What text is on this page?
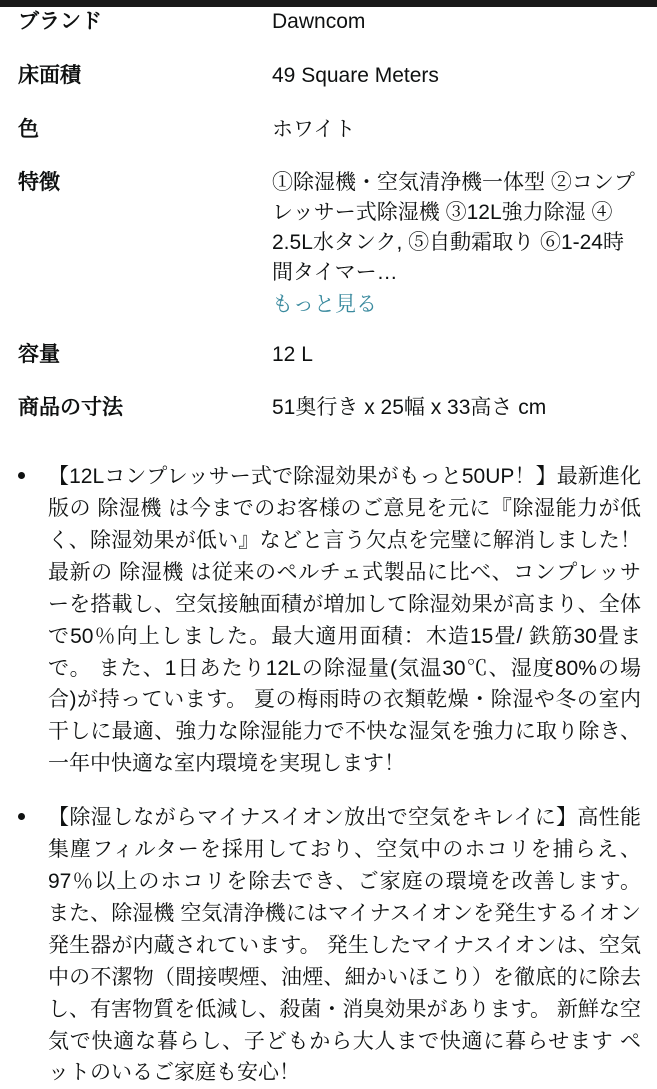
ブランド	Dawncom
床面積	49 Square Meters
色	ホワイト
特徴	①除湿機・空気清浄機一体型 ②コンプレッサー式除湿機 ③12L強力除湿 ④ 2.5L水タンク, ⑤自動霜取り ⑥1-24時間タイマー…
もっと見る

容量	12 L
商品の寸法	51奥行き x 25幅 x 33高さ cm
【12Lコンプレッサー式で除湿効果がもっと50UP！】最新進化版の 除湿機 は今までのお客様のご意見を元に『除湿能力が低く、除湿効果が低い』などと言う欠点を完璧に解消しました！ 最新の 除湿機 は従来のペルチェ式製品に比べ、コンプレッサーを搭載し、空気接触面積が増加して除湿効果が高まり、全体で50％向上しました。最大適用面積：木造15畳/ 鉄筋30畳まで。 また、1日あたり12Lの除湿量(気温30℃、湿度80%の場合)が持っています。 夏の梅雨時の衣類乾燥・除湿や冬の室内干しに最適、強力な除湿能力で不快な湿気を強力に取り除き、一年中快適な室内環境を実現します！
【除湿しながらマイナスイオン放出で空気をキレイに】高性能集塵フィルターを採用しており、空気中のホコリを捕らえ、97％以上のホコリを除去でき、ご家庭の環境を改善します。 また、除湿機 空気清浄機にはマイナスイオンを発生するイオン発生器が内蔵されています。 発生したマイナスイオンは、空気中の不潔物（間接喫煙、油煙、細かいほこり）を徹底的に除去し、有害物質を低減し、殺菌・消臭効果があります。 新鮮な空気で快適な暮らし、子どもから大人まで快適に暮らせます ペットのいるご家庭も安心！
